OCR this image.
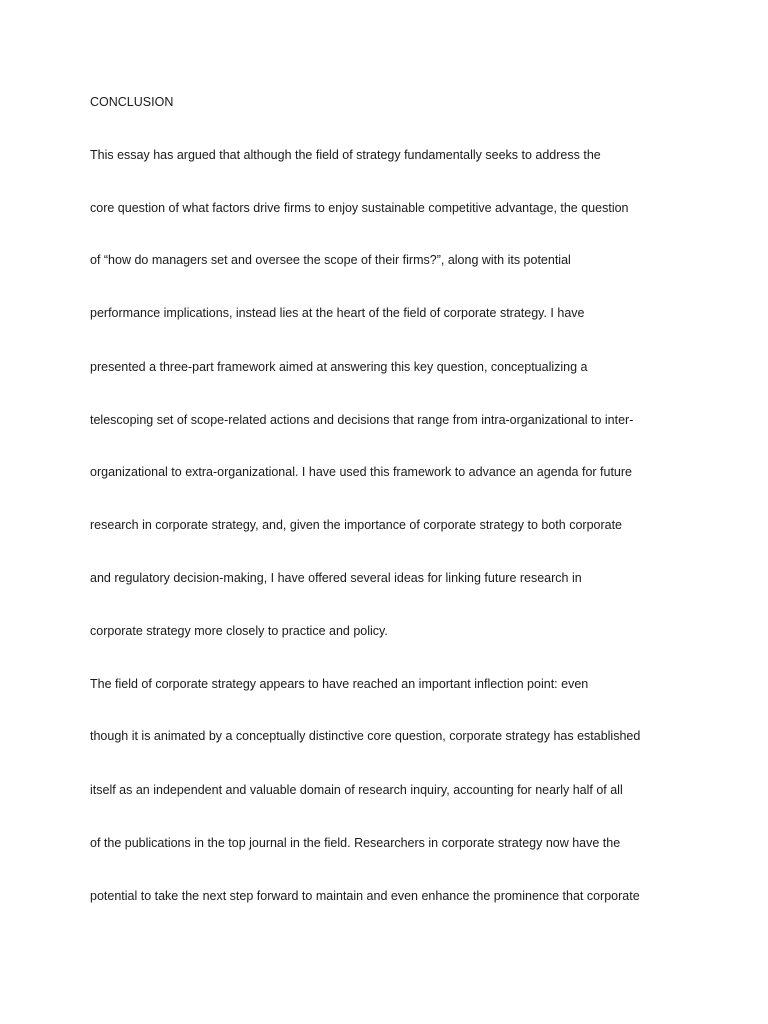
CONCLUSION

This essay has argued that although the field of strategy fundamentally seeks to address the

core question of what factors drive firms to enjoy sustainable competitive advantage, the question

of “how do managers set and oversee the scope of their firms?”, along with its potential

performance implications, instead lies at the heart of the field of corporate strategy. I have

presented a three-part framework aimed at answering this key question, conceptualizing a

telescoping set of scope-related actions and decisions that range from intra-organizational to inter-

organizational to extra-organizational. I have used this framework to advance an agenda for future

research in corporate strategy, and, given the importance of corporate strategy to both corporate

and regulatory decision-making, I have offered several ideas for linking future research in

corporate strategy more closely to practice and policy.

The field of corporate strategy appears to have reached an important inflection point: even

though it is animated by a conceptually distinctive core question, corporate strategy has established

itself as an independent and valuable domain of research inquiry, accounting for nearly half of all

of the publications in the top journal in the field. Researchers in corporate strategy now have the

potential to take the next step forward to maintain and even enhance the prominence that corporate
